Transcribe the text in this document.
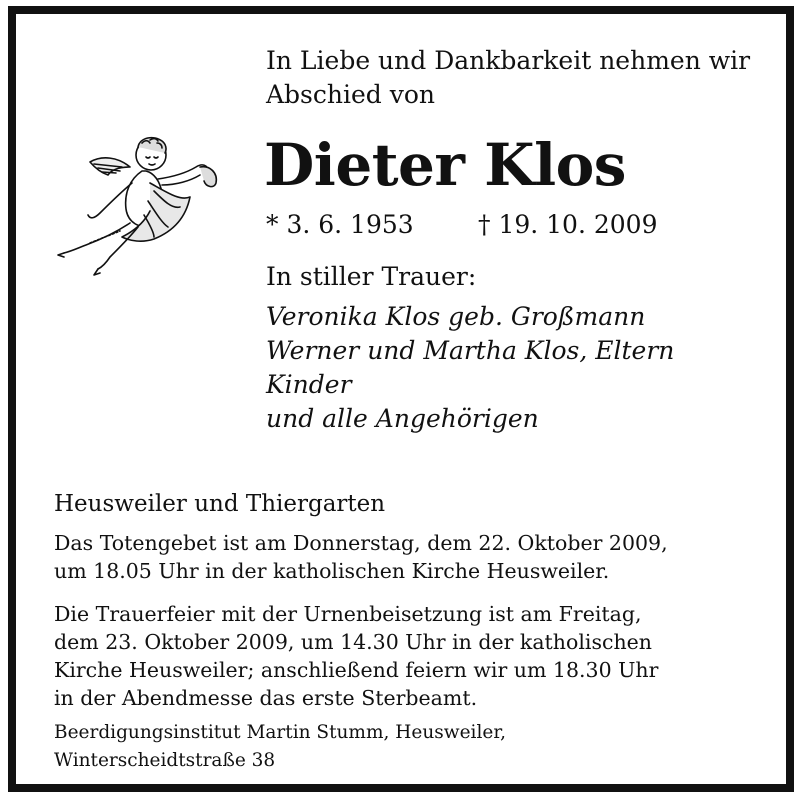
In Liebe und Dankbarkeit nehmen wir
Abschied von
Dieter Klos
* 3. 6. 1953	† 19. 10. 2009
In stiller Trauer:
Veronika Klos geb. Großmann
Werner und Martha Klos, Eltern
Kinder
und alle Angehörigen
Heusweiler und Thiergarten
Das Totengebet ist am Donnerstag, dem 22. Oktober 2009,
um 18.05 Uhr in der katholischen Kirche Heusweiler.
Die Trauerfeier mit der Urnenbeisetzung ist am Freitag,
dem 23. Oktober 2009, um 14.30 Uhr in der katholischen
Kirche Heusweiler; anschließend feiern wir um 18.30 Uhr
in der Abendmesse das erste Sterbeamt.
Beerdigungsinstitut Martin Stumm, Heusweiler,
Winterscheidtstraße 38
